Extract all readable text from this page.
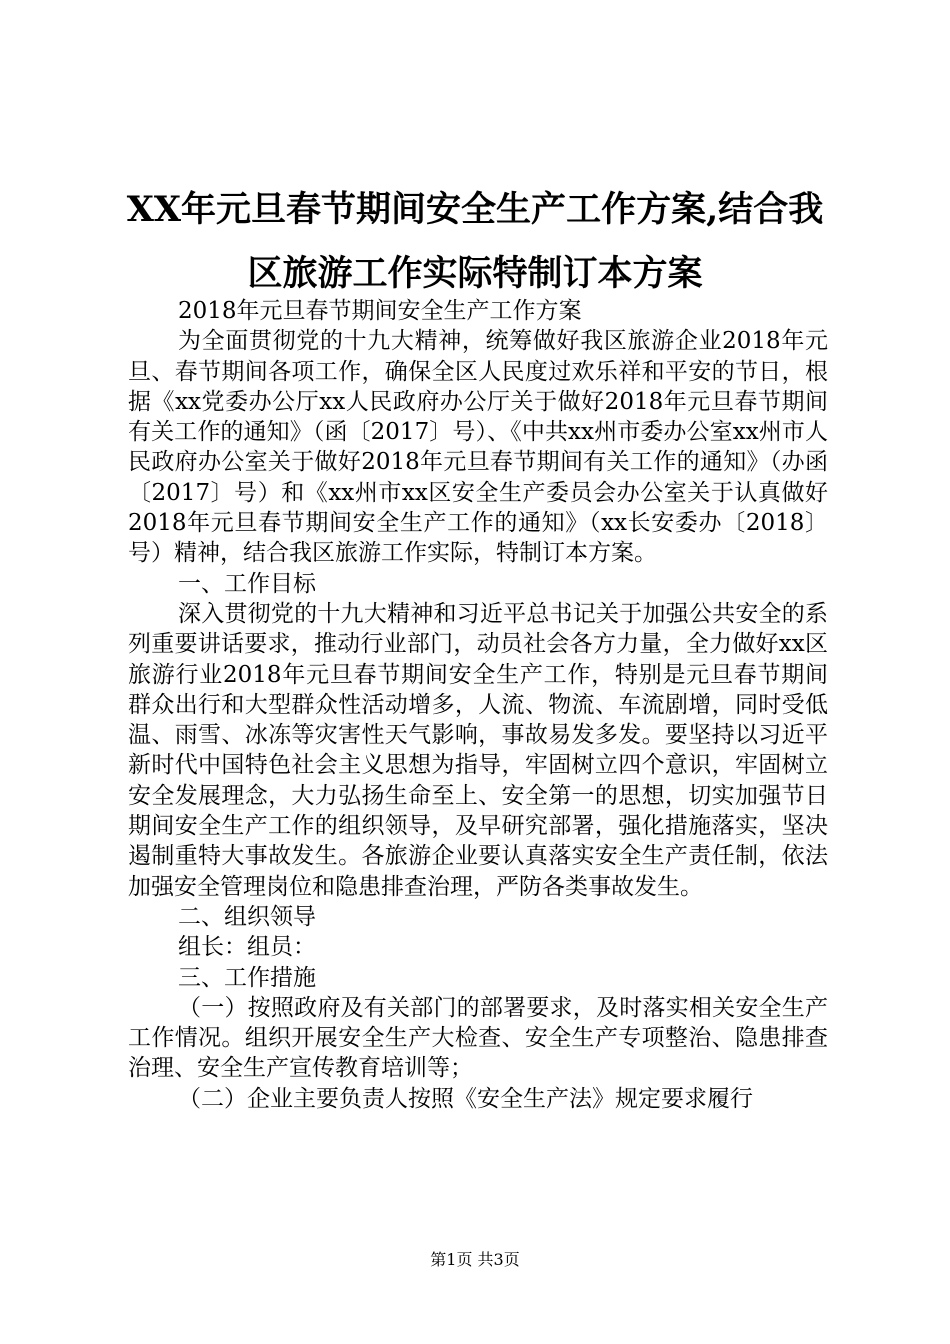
XX年元旦春节期间安全生产工作方案,结合我
区旅游工作实际特制订本方案

2018年元旦春节期间安全生产工作方案

为全面贯彻党的十九大精神，统筹做好我区旅游企业2018年元旦、春节期间各项工作，确保全区人民度过欢乐祥和平安的节日，根据《xx党委办公厅xx人民政府办公厅关于做好2018年元旦春节期间有关工作的通知》（函〔2017〕号）、《中共xx州市委办公室xx州市人民政府办公室关于做好2018年元旦春节期间有关工作的通知》（办函〔2017〕号）和《xx州市xx区安全生产委员会办公室关于认真做好2018年元旦春节期间安全生产工作的通知》（xx长安委办〔2018〕号）精神，结合我区旅游工作实际，特制订本方案。

一、工作目标

深入贯彻党的十九大精神和习近平总书记关于加强公共安全的系列重要讲话要求，推动行业部门，动员社会各方力量，全力做好xx区旅游行业2018年元旦春节期间安全生产工作，特别是元旦春节期间群众出行和大型群众性活动增多，人流、物流、车流剧增，同时受低温、雨雪、冰冻等灾害性天气影响，事故易发多发。要坚持以习近平新时代中国特色社会主义思想为指导，牢固树立四个意识，牢固树立安全发展理念，大力弘扬生命至上、安全第一的思想，切实加强节日期间安全生产工作的组织领导，及早研究部署，强化措施落实，坚决遏制重特大事故发生。各旅游企业要认真落实安全生产责任制，依法加强安全管理岗位和隐患排查治理，严防各类事故发生。

二、组织领导

组长：组员：

三、工作措施

（一）按照政府及有关部门的部署要求，及时落实相关安全生产工作情况。组织开展安全生产大检查、安全生产专项整治、隐患排查治理、安全生产宣传教育培训等；

（二）企业主要负责人按照《安全生产法》规定要求履行

第1页 共3页
